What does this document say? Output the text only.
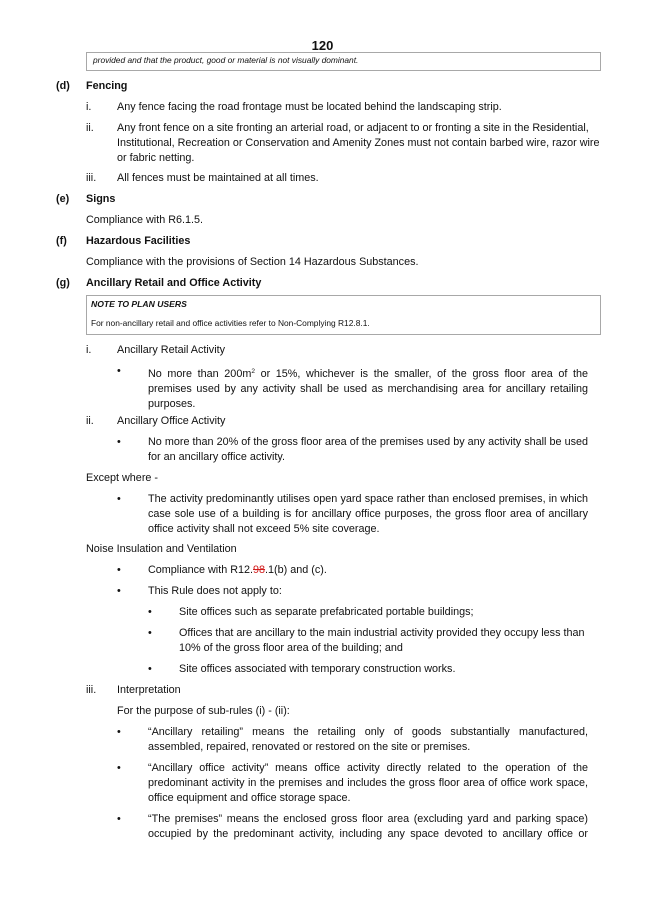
120
provided and that the product, good or material is not visually dominant.
(d) Fencing
i. Any fence facing the road frontage must be located behind the landscaping strip.
ii. Any front fence on a site fronting an arterial road, or adjacent to or fronting a site in the Residential,
Institutional, Recreation or Conservation and Amenity Zones must not contain barbed wire, razor wire
or fabric netting.
iii. All fences must be maintained at all times.
(e) Signs
Compliance with R6.1.5.
(f) Hazardous Facilities
Compliance with the provisions of Section 14 Hazardous Substances.
(g) Ancillary Retail and Office Activity
NOTE TO PLAN USERS
For non-ancillary retail and office activities refer to Non-Complying R12.8.1.
i. Ancillary Retail Activity
•	No more than $200m^2$ or 15%, whichever is the smaller, of the gross floor area of the
premises used by any activity shall be used as merchandising area for ancillary retailing
purposes.
ii. Ancillary Office Activity
•	No more than 20% of the gross floor area of the premises used by any activity shall be used
for an ancillary office activity.
Except where -
•	The activity predominantly utilises open yard space rather than enclosed premises, in which
case sole use of a building is for ancillary office purposes, the gross floor area of ancillary
office activity shall not exceed 5% site coverage.
Noise Insulation and Ventilation
•	Compliance with R12.98.1(b) and (c).
•	This Rule does not apply to:
•	Site offices such as separate prefabricated portable buildings;
•	Offices that are ancillary to the main industrial activity provided they occupy less than
10% of the gross floor area of the building; and
•	Site offices associated with temporary construction works.
iii. Interpretation
For the purpose of sub-rules (i) - (ii):
•	“Ancillary retailing” means the retailing only of goods substantially manufactured,
assembled, repaired, renovated or restored on the site or premises.
•	“Ancillary office activity” means office activity directly related to the operation of the
predominant activity in the premises and includes the gross floor area of office work space,
office equipment and office storage space.
•	“The premises” means the enclosed gross floor area (excluding yard and parking space)
occupied by the predominant activity, including any space devoted to ancillary office or
